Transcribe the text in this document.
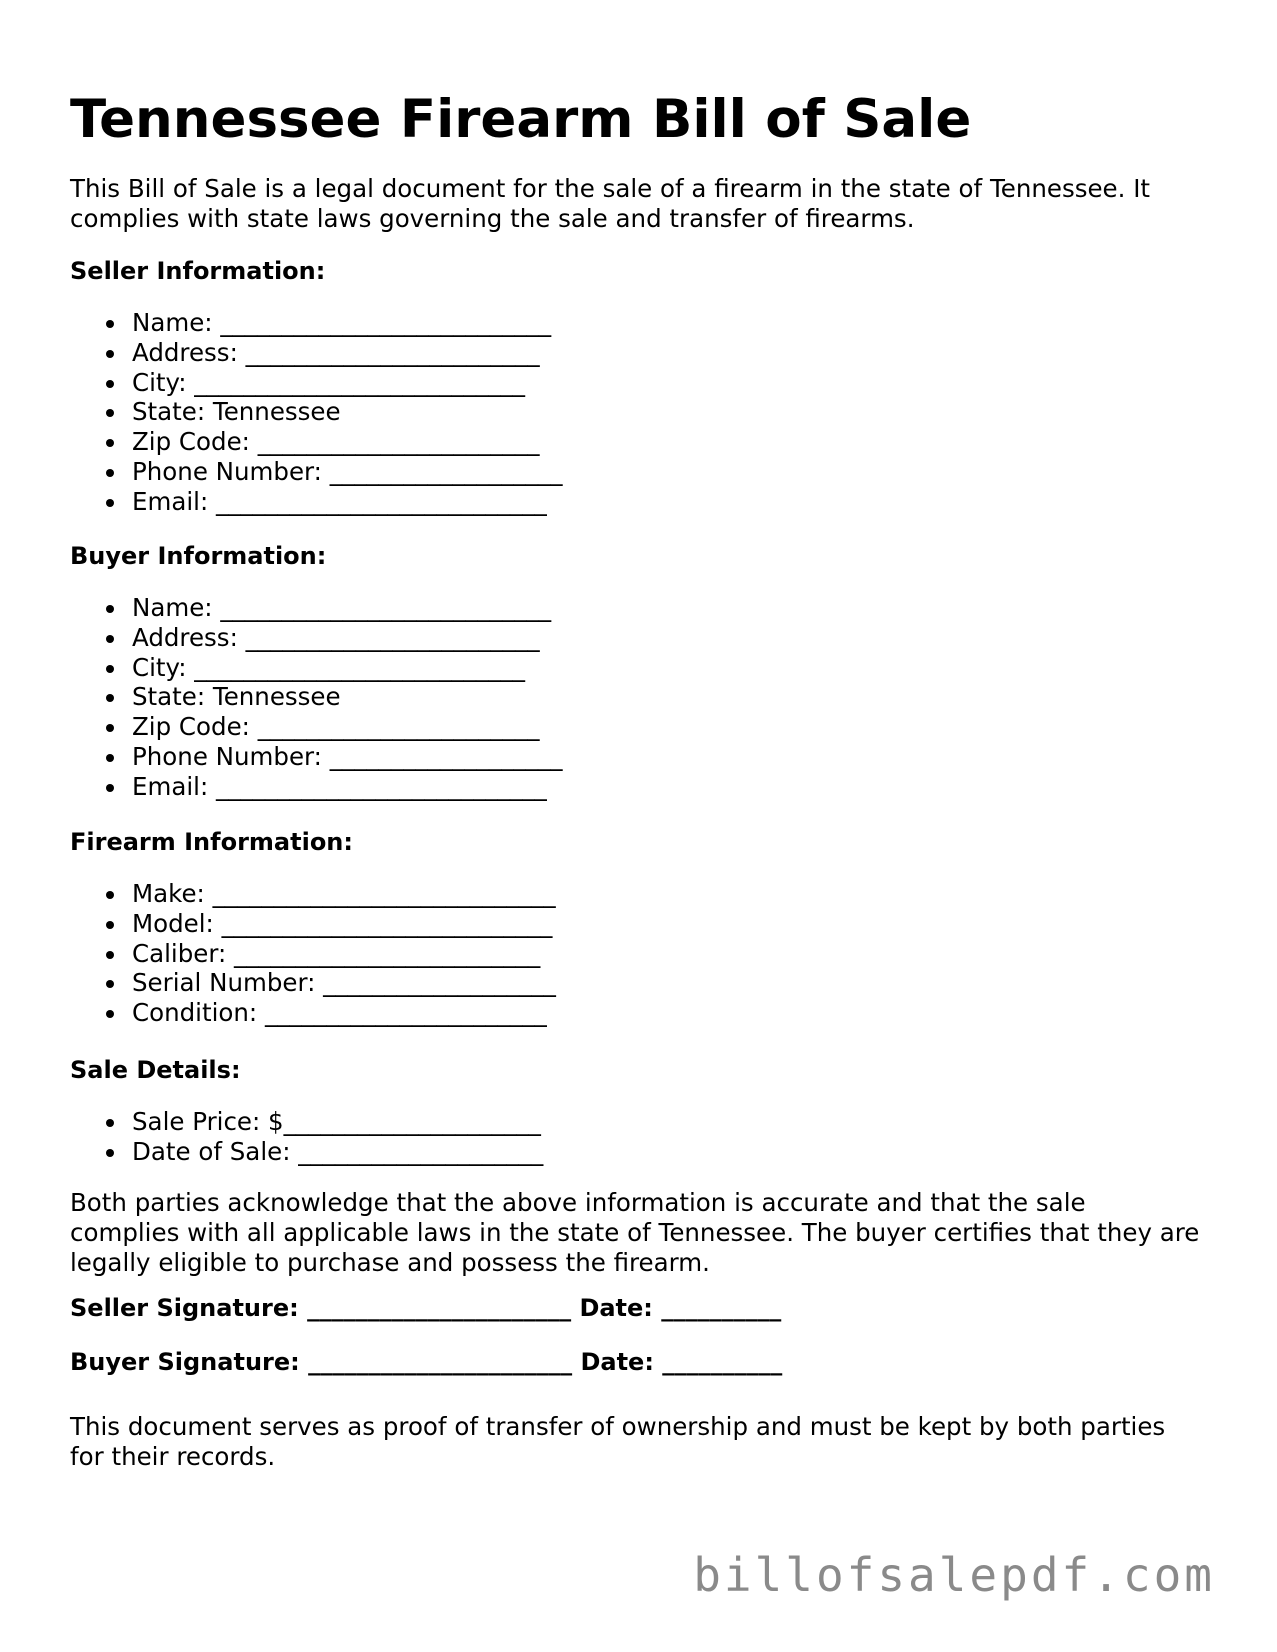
Tennessee Firearm Bill of Sale

This Bill of Sale is a legal document for the sale of a firearm in the state of Tennessee. It complies with state laws governing the sale and transfer of firearms.

Seller Information:

Name: ___________________________
Address: ________________________
City: ___________________________
State: Tennessee
Zip Code: _______________________
Phone Number: ___________________
Email: ___________________________

Buyer Information:

Name: ___________________________
Address: ________________________
City: ___________________________
State: Tennessee
Zip Code: _______________________
Phone Number: ___________________
Email: ___________________________

Firearm Information:

Make: ____________________________
Model: ___________________________
Caliber: _________________________
Serial Number: ___________________
Condition: _______________________

Sale Details:

Sale Price: $_____________________
Date of Sale: ____________________

Both parties acknowledge that the above information is accurate and that the sale complies with all applicable laws in the state of Tennessee. The buyer certifies that they are legally eligible to purchase and possess the firearm.

Seller Signature: ______________________ Date: __________

Buyer Signature: ______________________ Date: __________

This document serves as proof of transfer of ownership and must be kept by both parties for their records.

billofsalepdf.com
